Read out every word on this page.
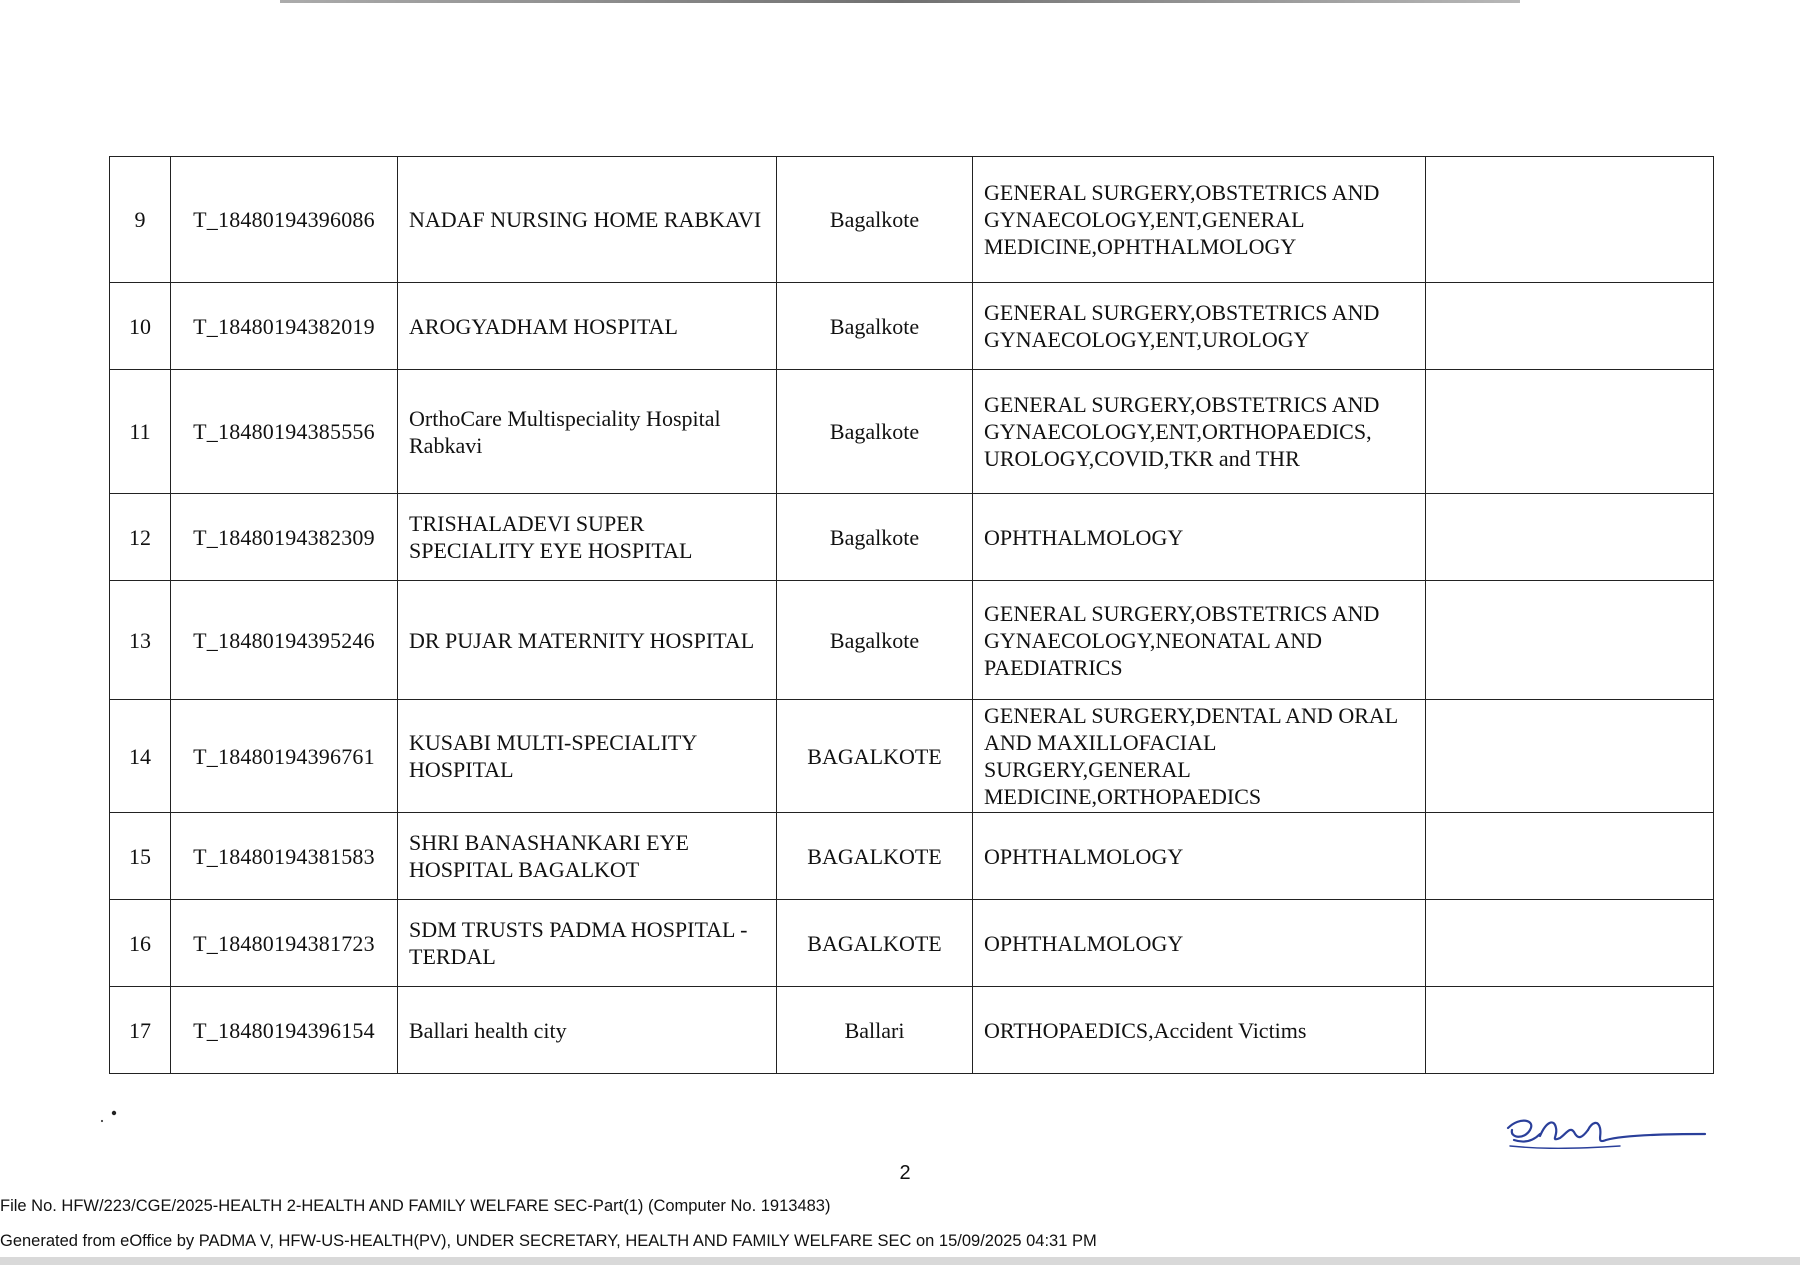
9	T_18480194396086	NADAF NURSING HOME RABKAVI	Bagalkote	GENERAL SURGERY,OBSTETRICS AND GYNAECOLOGY,ENT,GENERAL MEDICINE,OPHTHALMOLOGY	
10	T_18480194382019	AROGYADHAM HOSPITAL	Bagalkote	GENERAL SURGERY,OBSTETRICS AND GYNAECOLOGY,ENT,UROLOGY	
11	T_18480194385556	OrthoCare Multispeciality Hospital Rabkavi	Bagalkote	GENERAL SURGERY,OBSTETRICS AND GYNAECOLOGY,ENT,ORTHOPAEDICS, UROLOGY,COVID,TKR and THR	
12	T_18480194382309	TRISHALADEVI SUPER SPECIALITY EYE HOSPITAL	Bagalkote	OPHTHALMOLOGY	
13	T_18480194395246	DR PUJAR MATERNITY HOSPITAL	Bagalkote	GENERAL SURGERY,OBSTETRICS AND GYNAECOLOGY,NEONATAL AND PAEDIATRICS	
14	T_18480194396761	KUSABI MULTI-SPECIALITY HOSPITAL	BAGALKOTE	GENERAL SURGERY,DENTAL AND ORAL AND MAXILLOFACIAL SURGERY,GENERAL MEDICINE,ORTHOPAEDICS	
15	T_18480194381583	SHRI BANASHANKARI EYE HOSPITAL BAGALKOT	BAGALKOTE	OPHTHALMOLOGY	
16	T_18480194381723	SDM TRUSTS PADMA HOSPITAL - TERDAL	BAGALKOTE	OPHTHALMOLOGY	
17	T_18480194396154	Ballari health city	Ballari	ORTHOPAEDICS,Accident Victims	
2
File No. HFW/223/CGE/2025-HEALTH 2-HEALTH AND FAMILY WELFARE SEC-Part(1) (Computer No. 1913483)
Generated from eOffice by PADMA V, HFW-US-HEALTH(PV), UNDER SECRETARY, HEALTH AND FAMILY WELFARE SEC on 15/09/2025 04:31 PM
